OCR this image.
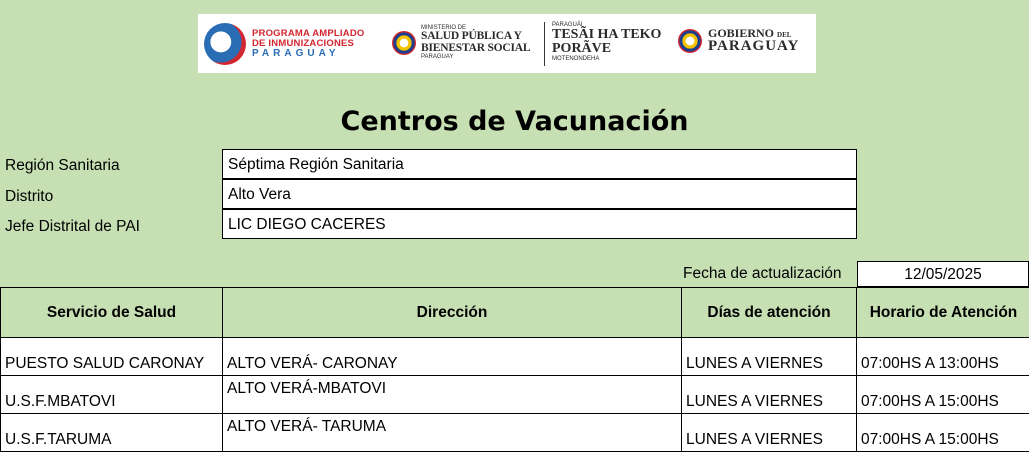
PROGRAMA AMPLIADO
DE INMUNIZACIONES
PARAGUAY
MINISTERIO DE
SALUD PÚBLICA Y
BIENESTAR SOCIAL
PARAGUAY
PARAGUÁI
TESÃI HA TEKO
PORÃVE
MOTENONDEHA
GOBIERNO DEL
PARAGUAY
Centros de Vacunación
Región Sanitaria	Séptima Región Sanitaria
Distrito	Alto Vera
Jefe Distrital de PAI	LIC DIEGO CACERES
Fecha de actualización	12/05/2025
Servicio de Salud	Dirección	Días de atención	Horario de Atención
PUESTO SALUD CARONAY	ALTO VERÁ- CARONAY	LUNES A VIERNES	07:00HS A 13:00HS
U.S.F.MBATOVI	ALTO VERÁ-MBATOVI	LUNES A VIERNES	07:00HS A 15:00HS
U.S.F.TARUMA	ALTO VERÁ- TARUMA	LUNES A VIERNES	07:00HS A 15:00HS
